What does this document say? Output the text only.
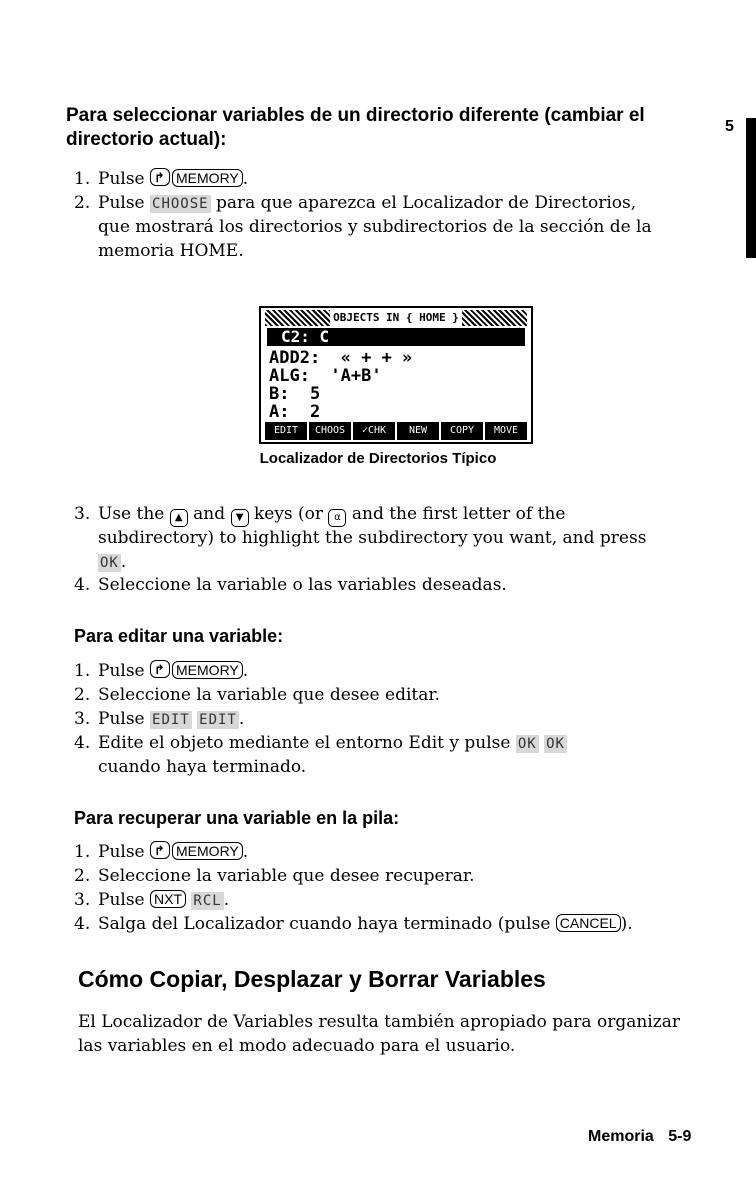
5
Para seleccionar variables de un directorio diferente (cambiar el directorio actual):
1. Pulse ↱ MEMORY .
2. Pulse CHOOSE para que aparezca el Localizador de Directorios,
que mostrará los directorios y subdirectorios de la sección de la
memoria HOME.
OBJECTS IN { HOME }
C2: C	↑
ADD2:  « + + »
ALG:  'A+B'
B:  5
A:  2
EDIT	CHOOS	✓CHK	NEW	COPY	MOVE
Localizador de Directorios Típico
3. Use the ▲ and ▼ keys (or α and the first letter of the
subdirectory) to highlight the subdirectory you want, and press
OK .
4. Seleccione la variable o las variables deseadas.
Para editar una variable:
1. Pulse ↱ MEMORY .
2. Seleccione la variable que desee editar.
3. Pulse EDIT EDIT .
4. Edite el objeto mediante el entorno Edit y pulse OK OK
cuando haya terminado.
Para recuperar una variable en la pila:
1. Pulse ↱ MEMORY .
2. Seleccione la variable que desee recuperar.
3. Pulse NXT RCL .
4. Salga del Localizador cuando haya terminado (pulse CANCEL ).
Cómo Copiar, Desplazar y Borrar Variables
El Localizador de Variables resulta también apropiado para organizar
las variables en el modo adecuado para el usuario.
Memoria 5-9
